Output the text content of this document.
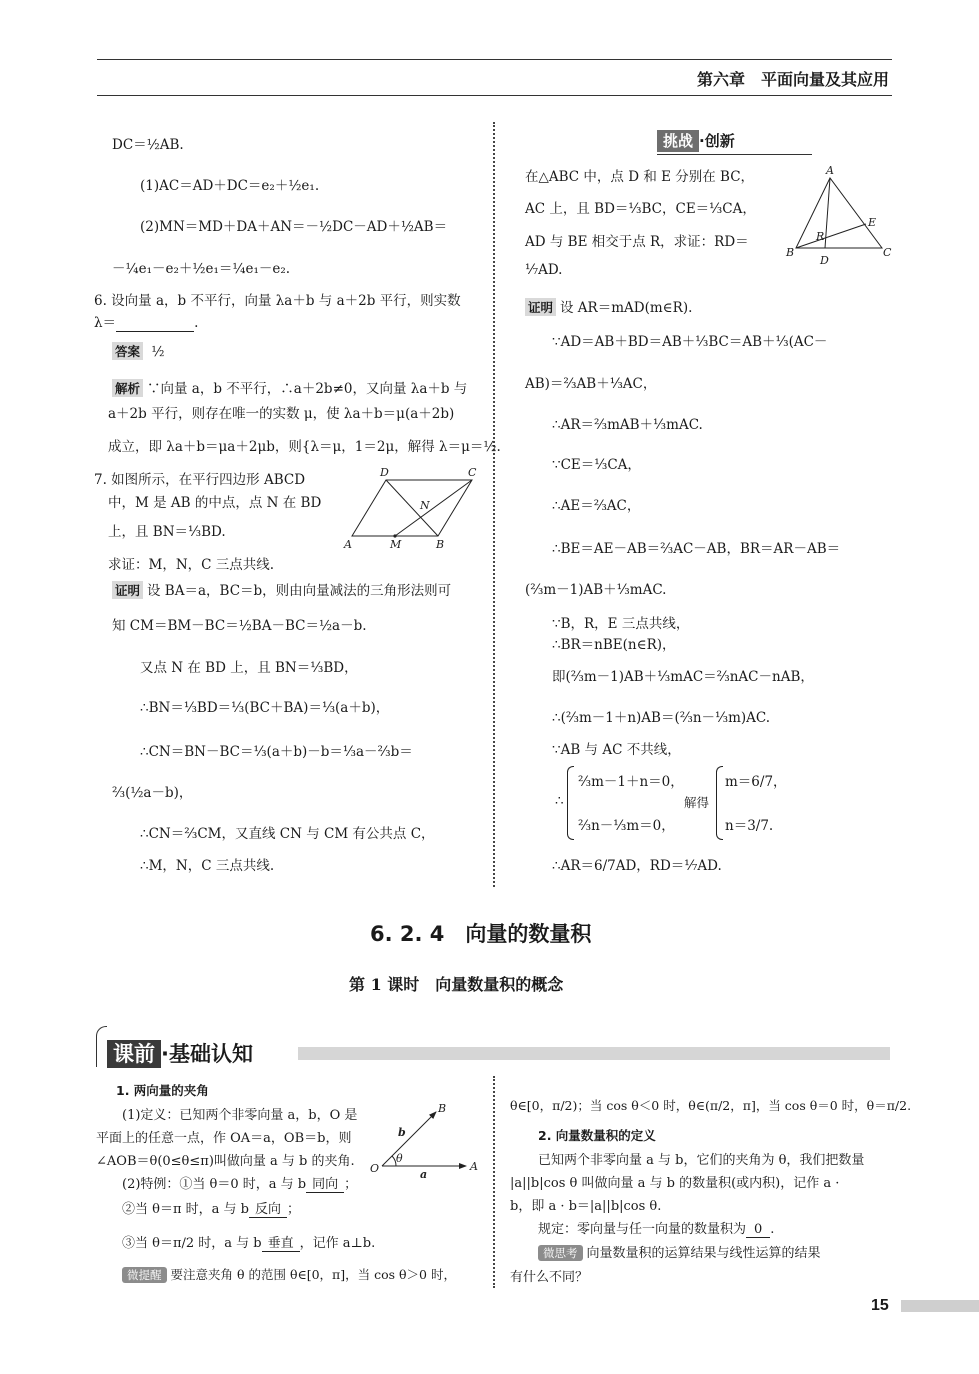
第六章　平面向量及其应用
DC＝½AB.
(1)AC＝AD＋DC＝e₂＋½e₁.
(2)MN＝MD＋DA＋AN＝－½DC－AD＋½AB＝
－¼e₁－e₂＋½e₁＝¼e₁－e₂.
6. 设向量 a，b 不平行，向量 λa＋b 与 a＋2b 平行，则实数
λ＝	.
答案 ½
解析 ∵向量 a，b 不平行，∴a＋2b≠0，又向量 λa＋b 与
a＋2b 平行，则存在唯一的实数 μ，使 λa＋b＝μ(a＋2b)
成立，即 λa＋b＝μa＋2μb，则{λ＝μ，1＝2μ，解得 λ＝μ＝½.
7. 如图所示，在平行四边形 ABCD
中，M 是 AB 的中点，点 N 在 BD
上，且 BN＝⅓BD.
求证：M，N，C 三点共线.
D	C
N
A	M	B
证明 设 BA＝a，BC＝b，则由向量减法的三角形法则可
知 CM＝BM－BC＝½BA－BC＝½a－b.
又点 N 在 BD 上，且 BN＝⅓BD，
∴BN＝⅓BD＝⅓(BC＋BA)＝⅓(a＋b)，
∴CN＝BN－BC＝⅓(a＋b)－b＝⅓a－⅔b＝
⅔(½a－b)，
∴CN＝⅔CM，又直线 CN 与 CM 有公共点 C，
∴M，N，C 三点共线.
挑战 ·创新
在△ABC 中，点 D 和 E 分别在 BC，
AC 上，且 BD＝⅓BC，CE＝⅓CA，
AD 与 BE 相交于点 R，求证：RD＝
⅐AD.
A
E
R
B
D
C
证明 设 AR＝mAD(m∈R).
∵AD＝AB＋BD＝AB＋⅓BC＝AB＋⅓(AC－
AB)＝⅔AB＋⅓AC，
∴AR＝⅔mAB＋⅓mAC.
∵CE＝⅓CA，
∴AE＝⅔AC，
∴BE＝AE－AB＝⅔AC－AB，BR＝AR－AB＝
(⅔m－1)AB＋⅓mAC.
∵B，R，E 三点共线，
∴BR＝nBE(n∈R)，
即(⅔m－1)AB＋⅓mAC＝⅔nAC－nAB，
∴(⅔m－1＋n)AB＝(⅔n－⅓m)AC.
∵AB 与 AC 不共线，
∴
⅔m－1＋n＝0，
⅔n－⅓m＝0，
解得
m＝6/7，
n＝3/7.
∴AR＝6/7AD，RD＝⅐AD.
6. 2. 4　向量的数量积
第 1 课时　向量数量积的概念
课前 ·基础认知
1. 两向量的夹角
(1)定义：已知两个非零向量 a，b，O 是
平面上的任意一点，作 OA＝a，OB＝b，则
∠AOB＝θ(0≤θ≤π)叫做向量 a 与 b 的夹角.
(2)特例：①当 θ＝0 时，a 与 b 同向 ；
②当 θ＝π 时，a 与 b 反向 ；
③当 θ＝π/2 时，a 与 b 垂直 ，记作 a⊥b.
微提醒 要注意夹角 θ 的范围 θ∈[0，π]，当 cos θ＞0 时，
B
b
O
θ
a
A
θ∈[0，π/2)；当 cos θ＜0 时，θ∈(π/2，π]，当 cos θ＝0 时，θ＝π/2.
2. 向量数量积的定义
已知两个非零向量 a 与 b，它们的夹角为 θ，我们把数量
|a||b|cos θ 叫做向量 a 与 b 的数量积(或内积)，记作 a ·
b，即 a · b＝|a||b|cos θ.
规定：零向量与任一向量的数量积为 0 .
微思考 向量数量积的运算结果与线性运算的结果
有什么不同？
15
